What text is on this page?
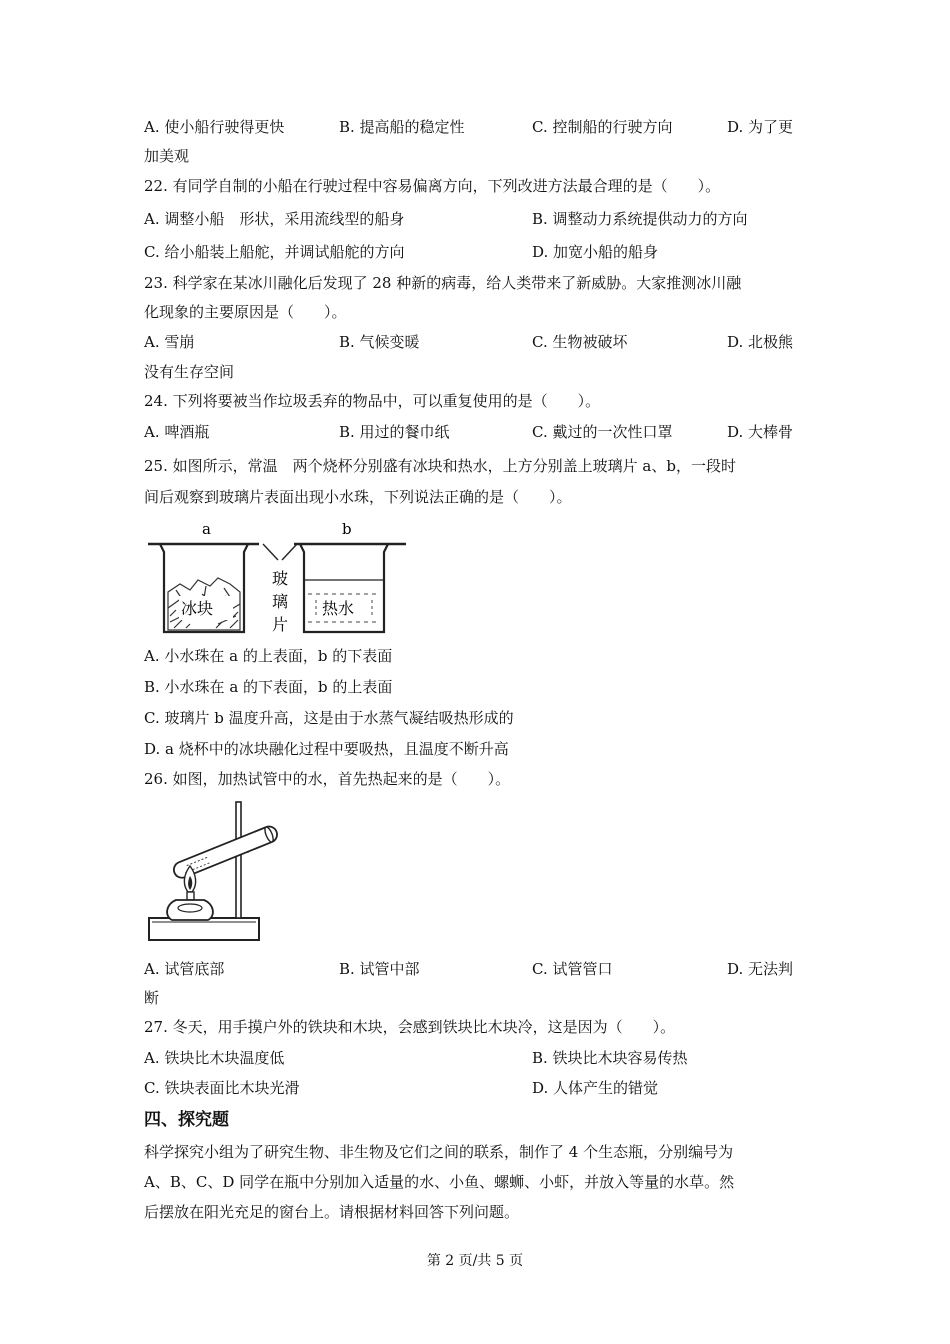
A. 使小船行驶得更快	B. 提高船的稳定性	C. 控制船的行驶方向	D. 为了更
加美观
22. 有同学自制的小船在行驶过程中容易偏离方向，下列改进方法最合理的是（　　）。
A. 调整小船　形状，采用流线型的船身	B. 调整动力系统提供动力的方向
C. 给小船装上船舵，并调试船舵的方向	D. 加宽小船的船身
23. 科学家在某冰川融化后发现了 28 种新的病毒，给人类带来了新威胁。大家推测冰川融
化现象的主要原因是（　　）。
A. 雪崩	B. 气候变暖	C. 生物被破坏	D. 北极熊
没有生存空间
24. 下列将要被当作垃圾丢弃的物品中，可以重复使用的是（　　）。
A. 啤酒瓶	B. 用过的餐巾纸	C. 戴过的一次性口罩	D. 大棒骨
25. 如图所示，常温　两个烧杯分别盛有冰块和热水，上方分别盖上玻璃片 a、b，一段时
间后观察到玻璃片表面出现小水珠，下列说法正确的是（　　）。
a	b
冰块	热水
玻
璃
片
A. 小水珠在 a 的上表面，b 的下表面
B. 小水珠在 a 的下表面，b 的上表面
C. 玻璃片 b 温度升高，这是由于水蒸气凝结吸热形成的
D. a 烧杯中的冰块融化过程中要吸热，且温度不断升高
26. 如图，加热试管中的水，首先热起来的是（　　）。
A. 试管底部	B. 试管中部	C. 试管管口	D. 无法判
断
27. 冬天，用手摸户外的铁块和木块，会感到铁块比木块冷，这是因为（　　）。
A. 铁块比木块温度低	B. 铁块比木块容易传热
C. 铁块表面比木块光滑	D. 人体产生的错觉
四、探究题
科学探究小组为了研究生物、非生物及它们之间的联系，制作了 4 个生态瓶，分别编号为
A、B、C、D 同学在瓶中分别加入适量的水、小鱼、螺蛳、小虾，并放入等量的水草。然
后摆放在阳光充足的窗台上。请根据材料回答下列问题。
第 2 页/共 5 页
